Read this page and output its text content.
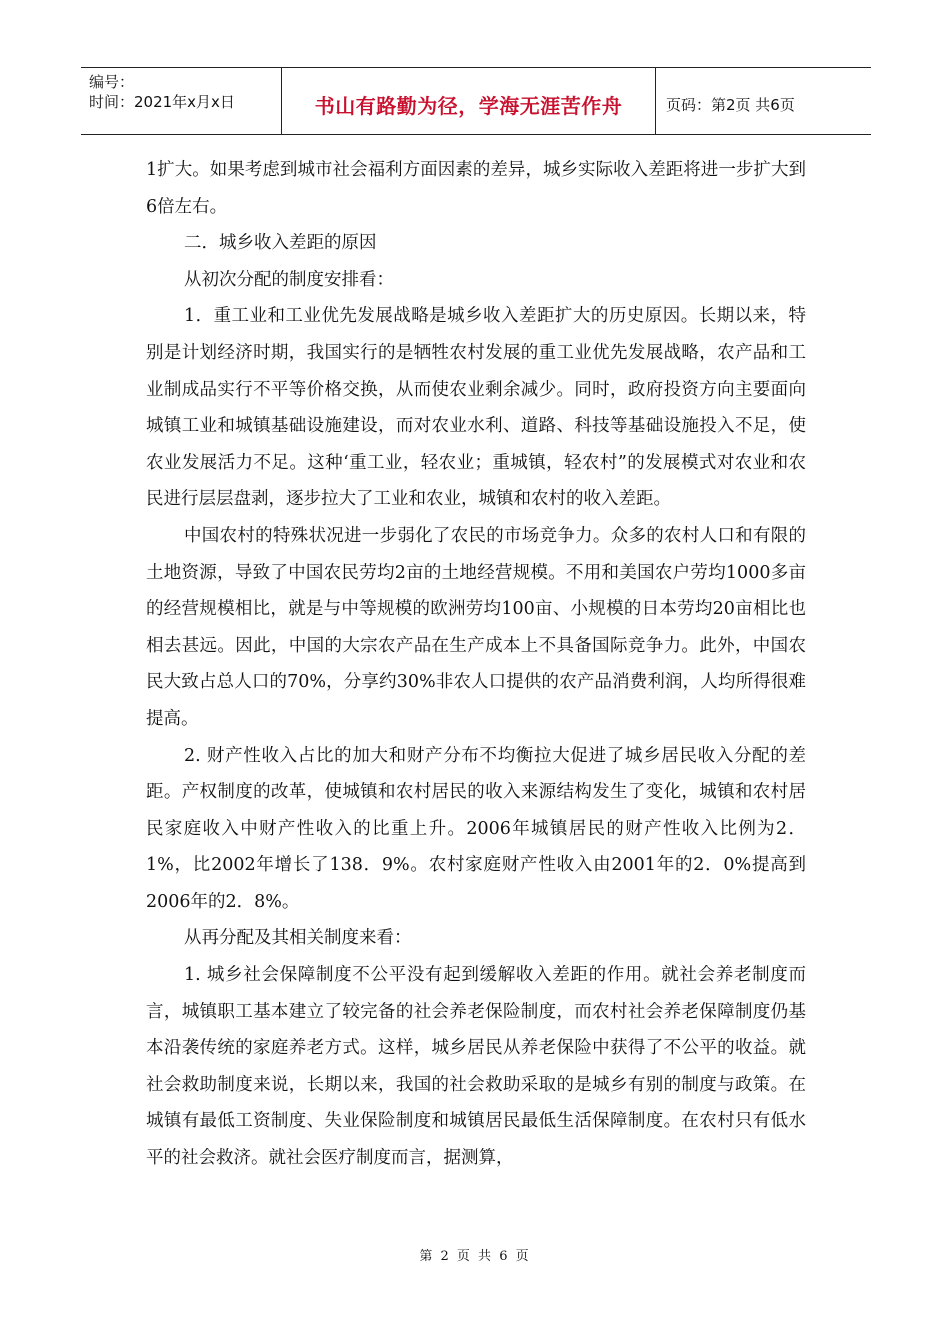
编号：
时间：2021年x月x日	书山有路勤为径，学海无涯苦作舟	页码：第2页 共6页

1扩大。如果考虑到城市社会福利方面因素的差异，城乡实际收入差距将进一步扩大到6倍左右。

二．城乡收入差距的原因

从初次分配的制度安排看：

1．重工业和工业优先发展战略是城乡收入差距扩大的历史原因。长期以来，特别是计划经济时期，我国实行的是牺牲农村发展的重工业优先发展战略，农产品和工业制成品实行不平等价格交换，从而使农业剩余减少。同时，政府投资方向主要面向城镇工业和城镇基础设施建设，而对农业水利、道路、科技等基础设施投入不足，使农业发展活力不足。这种‘重工业，轻农业；重城镇，轻农村”的发展模式对农业和农民进行层层盘剥，逐步拉大了工业和农业，城镇和农村的收入差距。

中国农村的特殊状况进一步弱化了农民的市场竞争力。众多的农村人口和有限的土地资源，导致了中国农民劳均2亩的土地经营规模。不用和美国农户劳均1000多亩的经营规模相比，就是与中等规模的欧洲劳均100亩、小规模的日本劳均20亩相比也相去甚远。因此，中国的大宗农产品在生产成本上不具备国际竞争力。此外，中国农民大致占总人口的70%，分享约30%非农人口提供的农产品消费利润，人均所得很难提高。

2. 财产性收入占比的加大和财产分布不均衡拉大促进了城乡居民收入分配的差距。产权制度的改革，使城镇和农村居民的收入来源结构发生了变化，城镇和农村居民家庭收入中财产性收入的比重上升。2006年城镇居民的财产性收入比例为2．1%，比2002年增长了138．9%。农村家庭财产性收入由2001年的2．0%提高到2006年的2．8%。

从再分配及其相关制度来看：

1. 城乡社会保障制度不公平没有起到缓解收入差距的作用。就社会养老制度而言，城镇职工基本建立了较完备的社会养老保险制度，而农村社会养老保障制度仍基本沿袭传统的家庭养老方式。这样，城乡居民从养老保险中获得了不公平的收益。就社会救助制度来说，长期以来，我国的社会救助采取的是城乡有别的制度与政策。在城镇有最低工资制度、失业保险制度和城镇居民最低生活保障制度。在农村只有低水平的社会救济。就社会医疗制度而言，据测算，

第 2 页 共 6 页
